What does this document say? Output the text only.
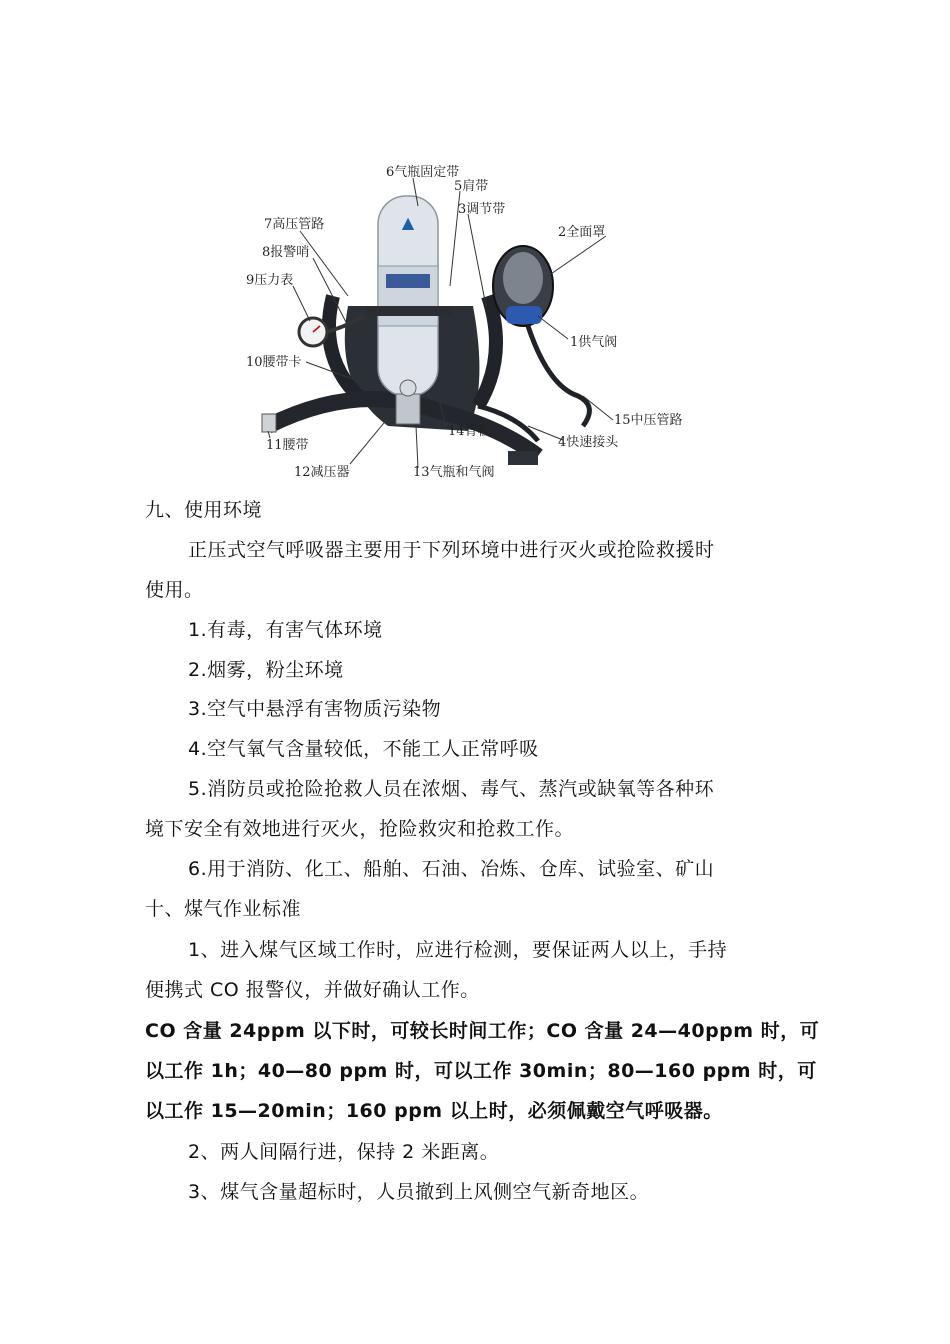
▲
6气瓶固定带
5肩带
3调节带
7高压管路
8报警哨
9压力表
10腰带卡
11腰带
12减压器	13气瓶和气阀
14背板
2全面罩
1供气阀
15中压管路
4快速接头
九、使用环境
正压式空气呼吸器主要用于下列环境中进行灭火或抢险救援时
使用。
1.有毒，有害气体环境
2.烟雾，粉尘环境
3.空气中悬浮有害物质污染物
4.空气氧气含量较低，不能工人正常呼吸
5.消防员或抢险抢救人员在浓烟、毒气、蒸汽或缺氧等各种环
境下安全有效地进行灭火，抢险救灾和抢救工作。
6.用于消防、化工、船舶、石油、冶炼、仓库、试验室、矿山
十、煤气作业标准
1、进入煤气区域工作时，应进行检测，要保证两人以上，手持
便携式 CO 报警仪，并做好确认工作。
CO 含量 24ppm 以下时，可较长时间工作；CO 含量 24—40ppm 时，可
以工作 1h；40—80 ppm 时，可以工作 30min；80—160 ppm 时，可
以工作 15—20min；160 ppm 以上时，必须佩戴空气呼吸器。
2、两人间隔行进，保持 2 米距离。
3、煤气含量超标时，人员撤到上风侧空气新奇地区。
